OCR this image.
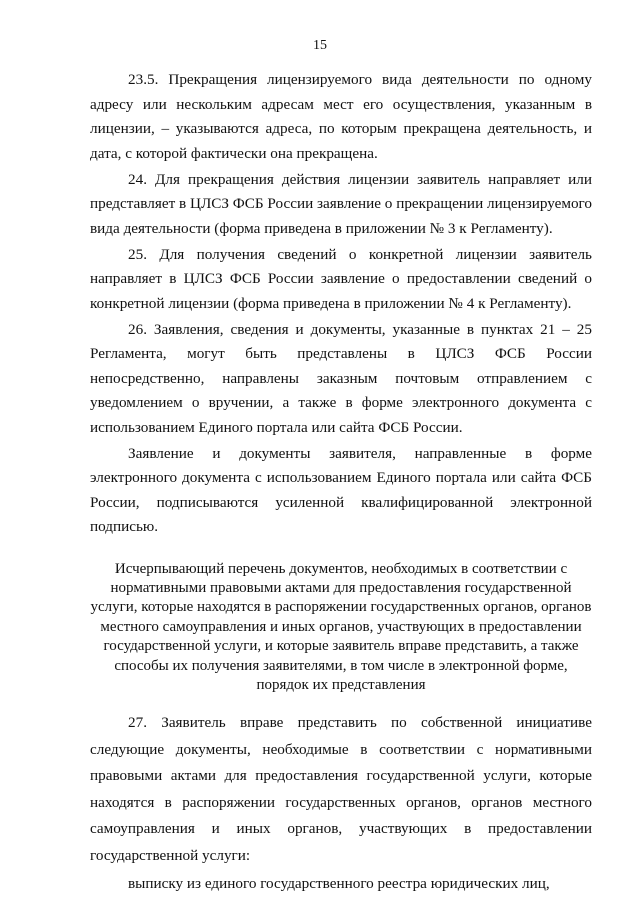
15

23.5. Прекращения лицензируемого вида деятельности по одному адресу или нескольким адресам мест его осуществления, указанным в лицензии, – указываются адреса, по которым прекращена деятельность, и дата, с которой фактически она прекращена.

24. Для прекращения действия лицензии заявитель направляет или представляет в ЦЛСЗ ФСБ России заявление о прекращении лицензируемого вида деятельности (форма приведена в приложении № 3 к Регламенту).

25. Для получения сведений о конкретной лицензии заявитель направляет в ЦЛСЗ ФСБ России заявление о предоставлении сведений о конкретной лицензии (форма приведена в приложении № 4 к Регламенту).

26. Заявления, сведения и документы, указанные в пунктах 21 – 25 Регламента, могут быть представлены в ЦЛСЗ ФСБ России непосредственно, направлены заказным почтовым отправлением с уведомлением о вручении, а также в форме электронного документа с использованием Единого портала или сайта ФСБ России.

Заявление и документы заявителя, направленные в форме электронного документа с использованием Единого портала или сайта ФСБ России, подписываются усиленной квалифицированной электронной подписью.

Исчерпывающий перечень документов, необходимых в соответствии с нормативными правовыми актами для предоставления государственной услуги, которые находятся в распоряжении государственных органов, органов местного самоуправления и иных органов, участвующих в предоставлении государственной услуги, и которые заявитель вправе представить, а также способы их получения заявителями, в том числе в электронной форме, порядок их представления

27. Заявитель вправе представить по собственной инициативе следующие документы, необходимые в соответствии с нормативными правовыми актами для предоставления государственной услуги, которые находятся в распоряжении государственных органов, органов местного самоуправления и иных органов, участвующих в предоставлении государственной услуги:

выписку из единого государственного реестра юридических лиц,
